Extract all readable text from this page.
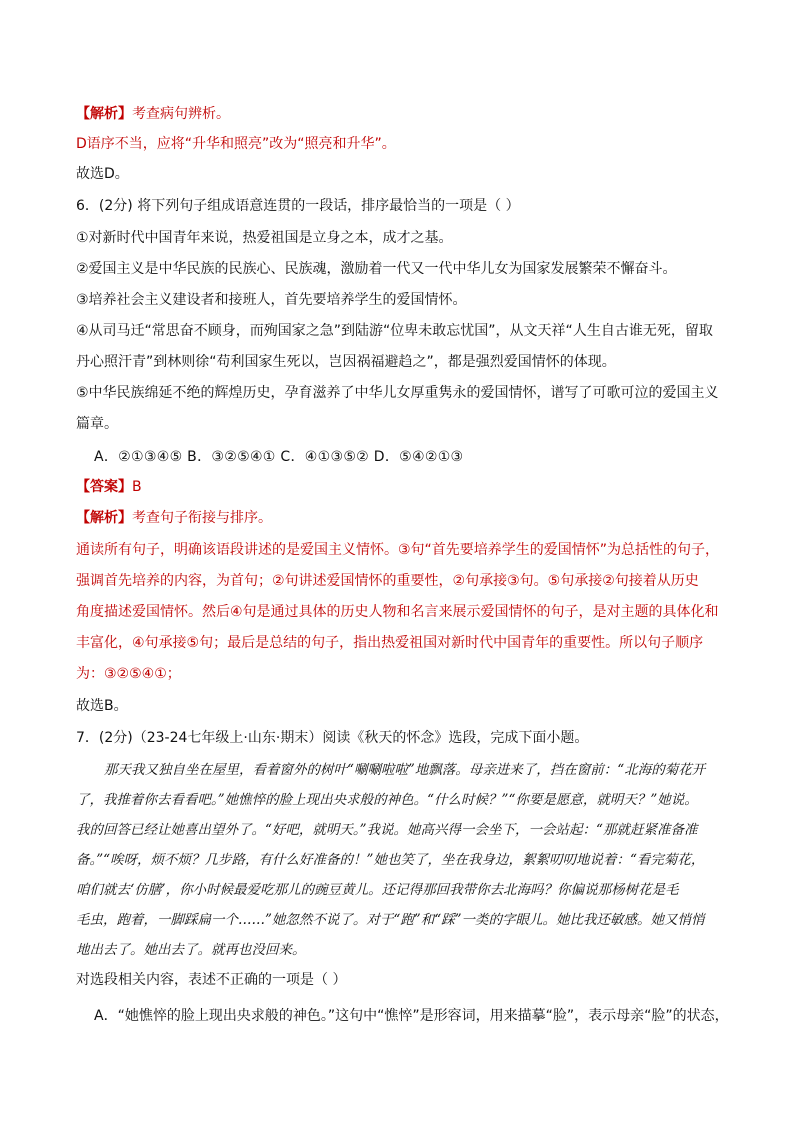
【解析】考查病句辨析。
D语序不当，应将“升华和照亮”改为“照亮和升华”。
故选D。
6．(2分) 将下列句子组成语意连贯的一段话，排序最恰当的一项是（ ）
①对新时代中国青年来说，热爱祖国是立身之本，成才之基。
②爱国主义是中华民族的民族心、民族魂，激励着一代又一代中华儿女为国家发展繁荣不懈奋斗。
③培养社会主义建设者和接班人，首先要培养学生的爱国情怀。
④从司马迁“常思奋不顾身，而殉国家之急”到陆游“位卑未敢忘忧国”，从文天祥“人生自古谁无死，留取
丹心照汗青”到林则徐“苟利国家生死以，岂因祸福避趋之”，都是强烈爱国情怀的体现。
⑤中华民族绵延不绝的辉煌历史，孕育滋养了中华儿女厚重隽永的爱国情怀，谱写了可歌可泣的爱国主义
篇章。
A．②①③④⑤ B．③②⑤④① C．④①③⑤② D．⑤④②①③
【答案】B
【解析】考查句子衔接与排序。
通读所有句子，明确该语段讲述的是爱国主义情怀。③句“首先要培养学生的爱国情怀”为总括性的句子，
强调首先培养的内容，为首句；②句讲述爱国情怀的重要性，②句承接③句。⑤句承接②句接着从历史
角度描述爱国情怀。然后④句是通过具体的历史人物和名言来展示爱国情怀的句子，是对主题的具体化和
丰富化，④句承接⑤句；最后是总结的句子，指出热爱祖国对新时代中国青年的重要性。所以句子顺序
为：③②⑤④①；
故选B。
7．(2分)（23-24七年级上·山东·期末）阅读《秋天的怀念》选段，完成下面小题。
那天我又独自坐在屋里，看着窗外的树叶“唰唰啦啦”地飘落。母亲进来了，挡在窗前：“北海的菊花开
了，我推着你去看看吧。”她憔悴的脸上现出央求般的神色。“什么时候？”“你要是愿意，就明天？”她说。
我的回答已经让她喜出望外了。“好吧，就明天。”我说。她高兴得一会坐下，一会站起：“那就赶紧准备准
备。”“唉呀，烦不烦？几步路，有什么好准备的！”她也笑了，坐在我身边，絮絮叨叨地说着：“看完菊花，
咱们就去‘仿膳’，你小时候最爱吃那儿的豌豆黄儿。还记得那回我带你去北海吗？你偏说那杨树花是毛
毛虫，跑着，一脚踩扁一个……”她忽然不说了。对于“跑”和“踩”一类的字眼儿。她比我还敏感。她又悄悄
地出去了。她出去了。就再也没回来。
对选段相关内容，表述不正确的一项是（ ）
A．“她憔悴的脸上现出央求般的神色。”这句中“憔悴”是形容词，用来描摹“脸”，表示母亲“脸”的状态，
